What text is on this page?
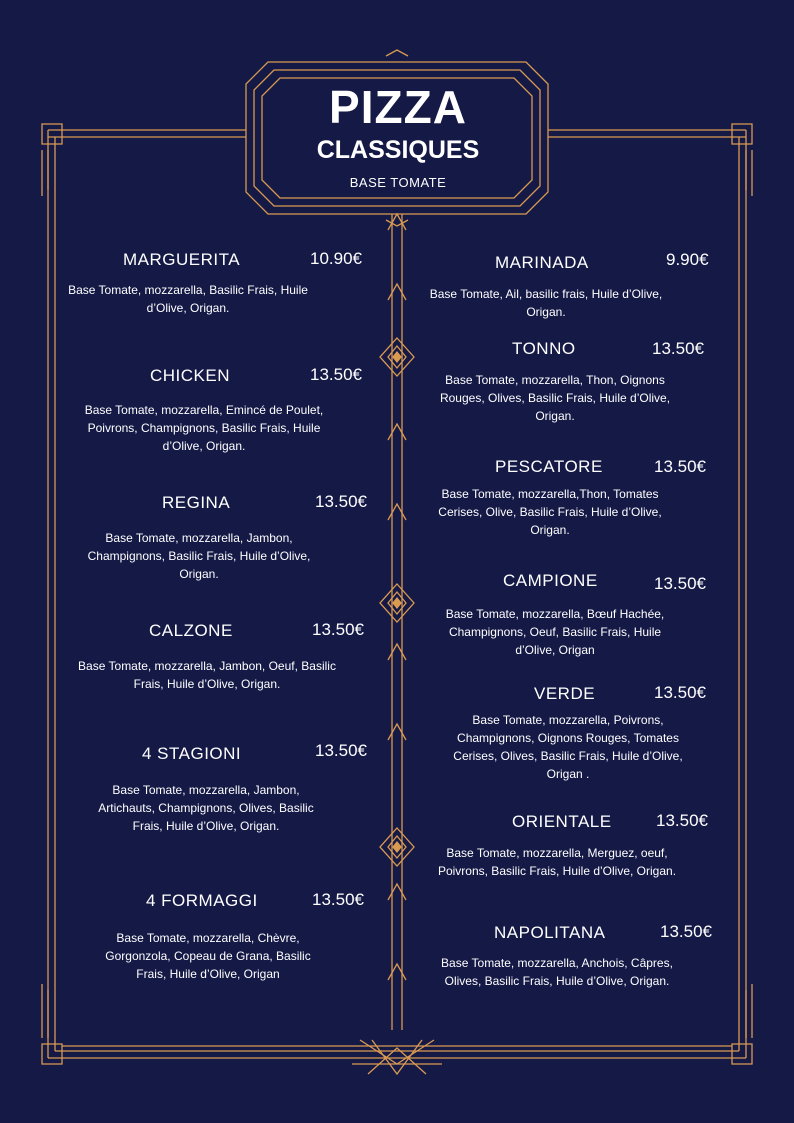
PIZZA
CLASSIQUES
BASE TOMATE
MARGUERITA	10.90€
Base Tomate, mozzarella, Basilic Frais, Huile d’Olive, Origan.
CHICKEN	13.50€
Base Tomate, mozzarella, Emincé de Poulet, Poivrons, Champignons, Basilic Frais, Huile d’Olive, Origan.
REGINA	13.50€
Base Tomate, mozzarella, Jambon, Champignons, Basilic Frais, Huile d’Olive, Origan.
CALZONE	13.50€
Base Tomate, mozzarella, Jambon, Oeuf, Basilic Frais, Huile d’Olive, Origan.
4 STAGIONI	13.50€
Base Tomate, mozzarella, Jambon, Artichauts, Champignons, Olives, Basilic Frais, Huile d’Olive, Origan.
4 FORMAGGI	13.50€
Base Tomate, mozzarella, Chèvre, Gorgonzola, Copeau de Grana, Basilic Frais, Huile d’Olive, Origan
MARINADA	9.90€
Base Tomate, Ail, basilic frais, Huile d’Olive, Origan.
TONNO	13.50€
Base Tomate, mozzarella, Thon, Oignons Rouges, Olives, Basilic Frais, Huile d’Olive, Origan.
PESCATORE	13.50€
Base Tomate, mozzarella,Thon, Tomates Cerises, Olive, Basilic Frais, Huile d’Olive, Origan.
CAMPIONE	13.50€
Base Tomate, mozzarella, Bœuf Hachée, Champignons, Oeuf, Basilic Frais, Huile d’Olive, Origan
VERDE	13.50€
Base Tomate, mozzarella, Poivrons, Champignons, Oignons Rouges, Tomates Cerises, Olives, Basilic Frais, Huile d’Olive, Origan .
ORIENTALE	13.50€
Base Tomate, mozzarella, Merguez, oeuf, Poivrons, Basilic Frais, Huile d’Olive, Origan.
NAPOLITANA	13.50€
Base Tomate, mozzarella, Anchois, Câpres, Olives, Basilic Frais, Huile d’Olive, Origan.
